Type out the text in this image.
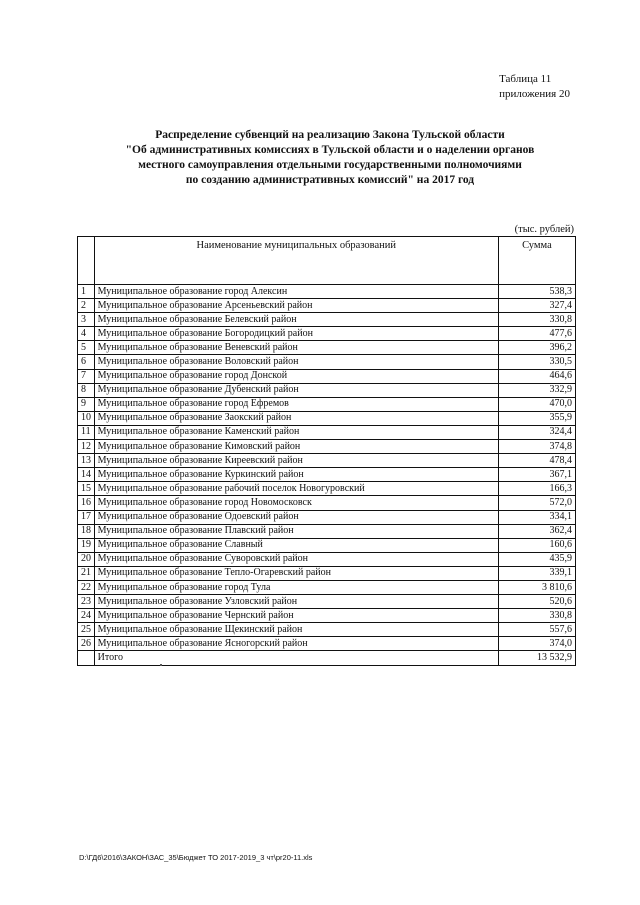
Таблица 11
приложения 20
Распределение субвенций на реализацию Закона Тульской области
"Об административных комиссиях в Тульской области и о наделении органов
местного самоуправления отдельными государственными полномочиями
по созданию административных комиссий" на 2017 год
(тыс. рублей)
	Наименование муниципальных образований	Сумма
1	Муниципальное образование город Алексин	538,3
2	Муниципальное образование Арсеньевский район	327,4
3	Муниципальное образование Белевский район	330,8
4	Муниципальное образование Богородицкий район	477,6
5	Муниципальное образование Веневский район	396,2
6	Муниципальное образование Воловский район	330,5
7	Муниципальное образование город Донской	464,6
8	Муниципальное образование Дубенский район	332,9
9	Муниципальное образование город Ефремов	470,0
10	Муниципальное образование Заокский район	355,9
11	Муниципальное образование Каменский район	324,4
12	Муниципальное образование Кимовский район	374,8
13	Муниципальное образование Киреевский район	478,4
14	Муниципальное образование Куркинский район	367,1
15	Муниципальное образование рабочий поселок Новогуровский	166,3
16	Муниципальное образование город Новомосковск	572,0
17	Муниципальное образование Одоевский район	334,1
18	Муниципальное образование Плавский район	362,4
19	Муниципальное образование Славный	160,6
20	Муниципальное образование Суворовский район	435,9
21	Муниципальное образование Тепло-Огаревский район	339,1
22	Муниципальное образование город Тула	3 810,6
23	Муниципальное образование Узловский район	520,6
24	Муниципальное образование Чернский район	330,8
25	Муниципальное образование Щекинский район	557,6
26	Муниципальное образование Ясногорский район	374,0
	Итого	13 532,9
D:\ГД6\2016\ЗАКОН\ЗАС_35\Бюджет ТО 2017-2019_3 чт\pr20-11.xls
